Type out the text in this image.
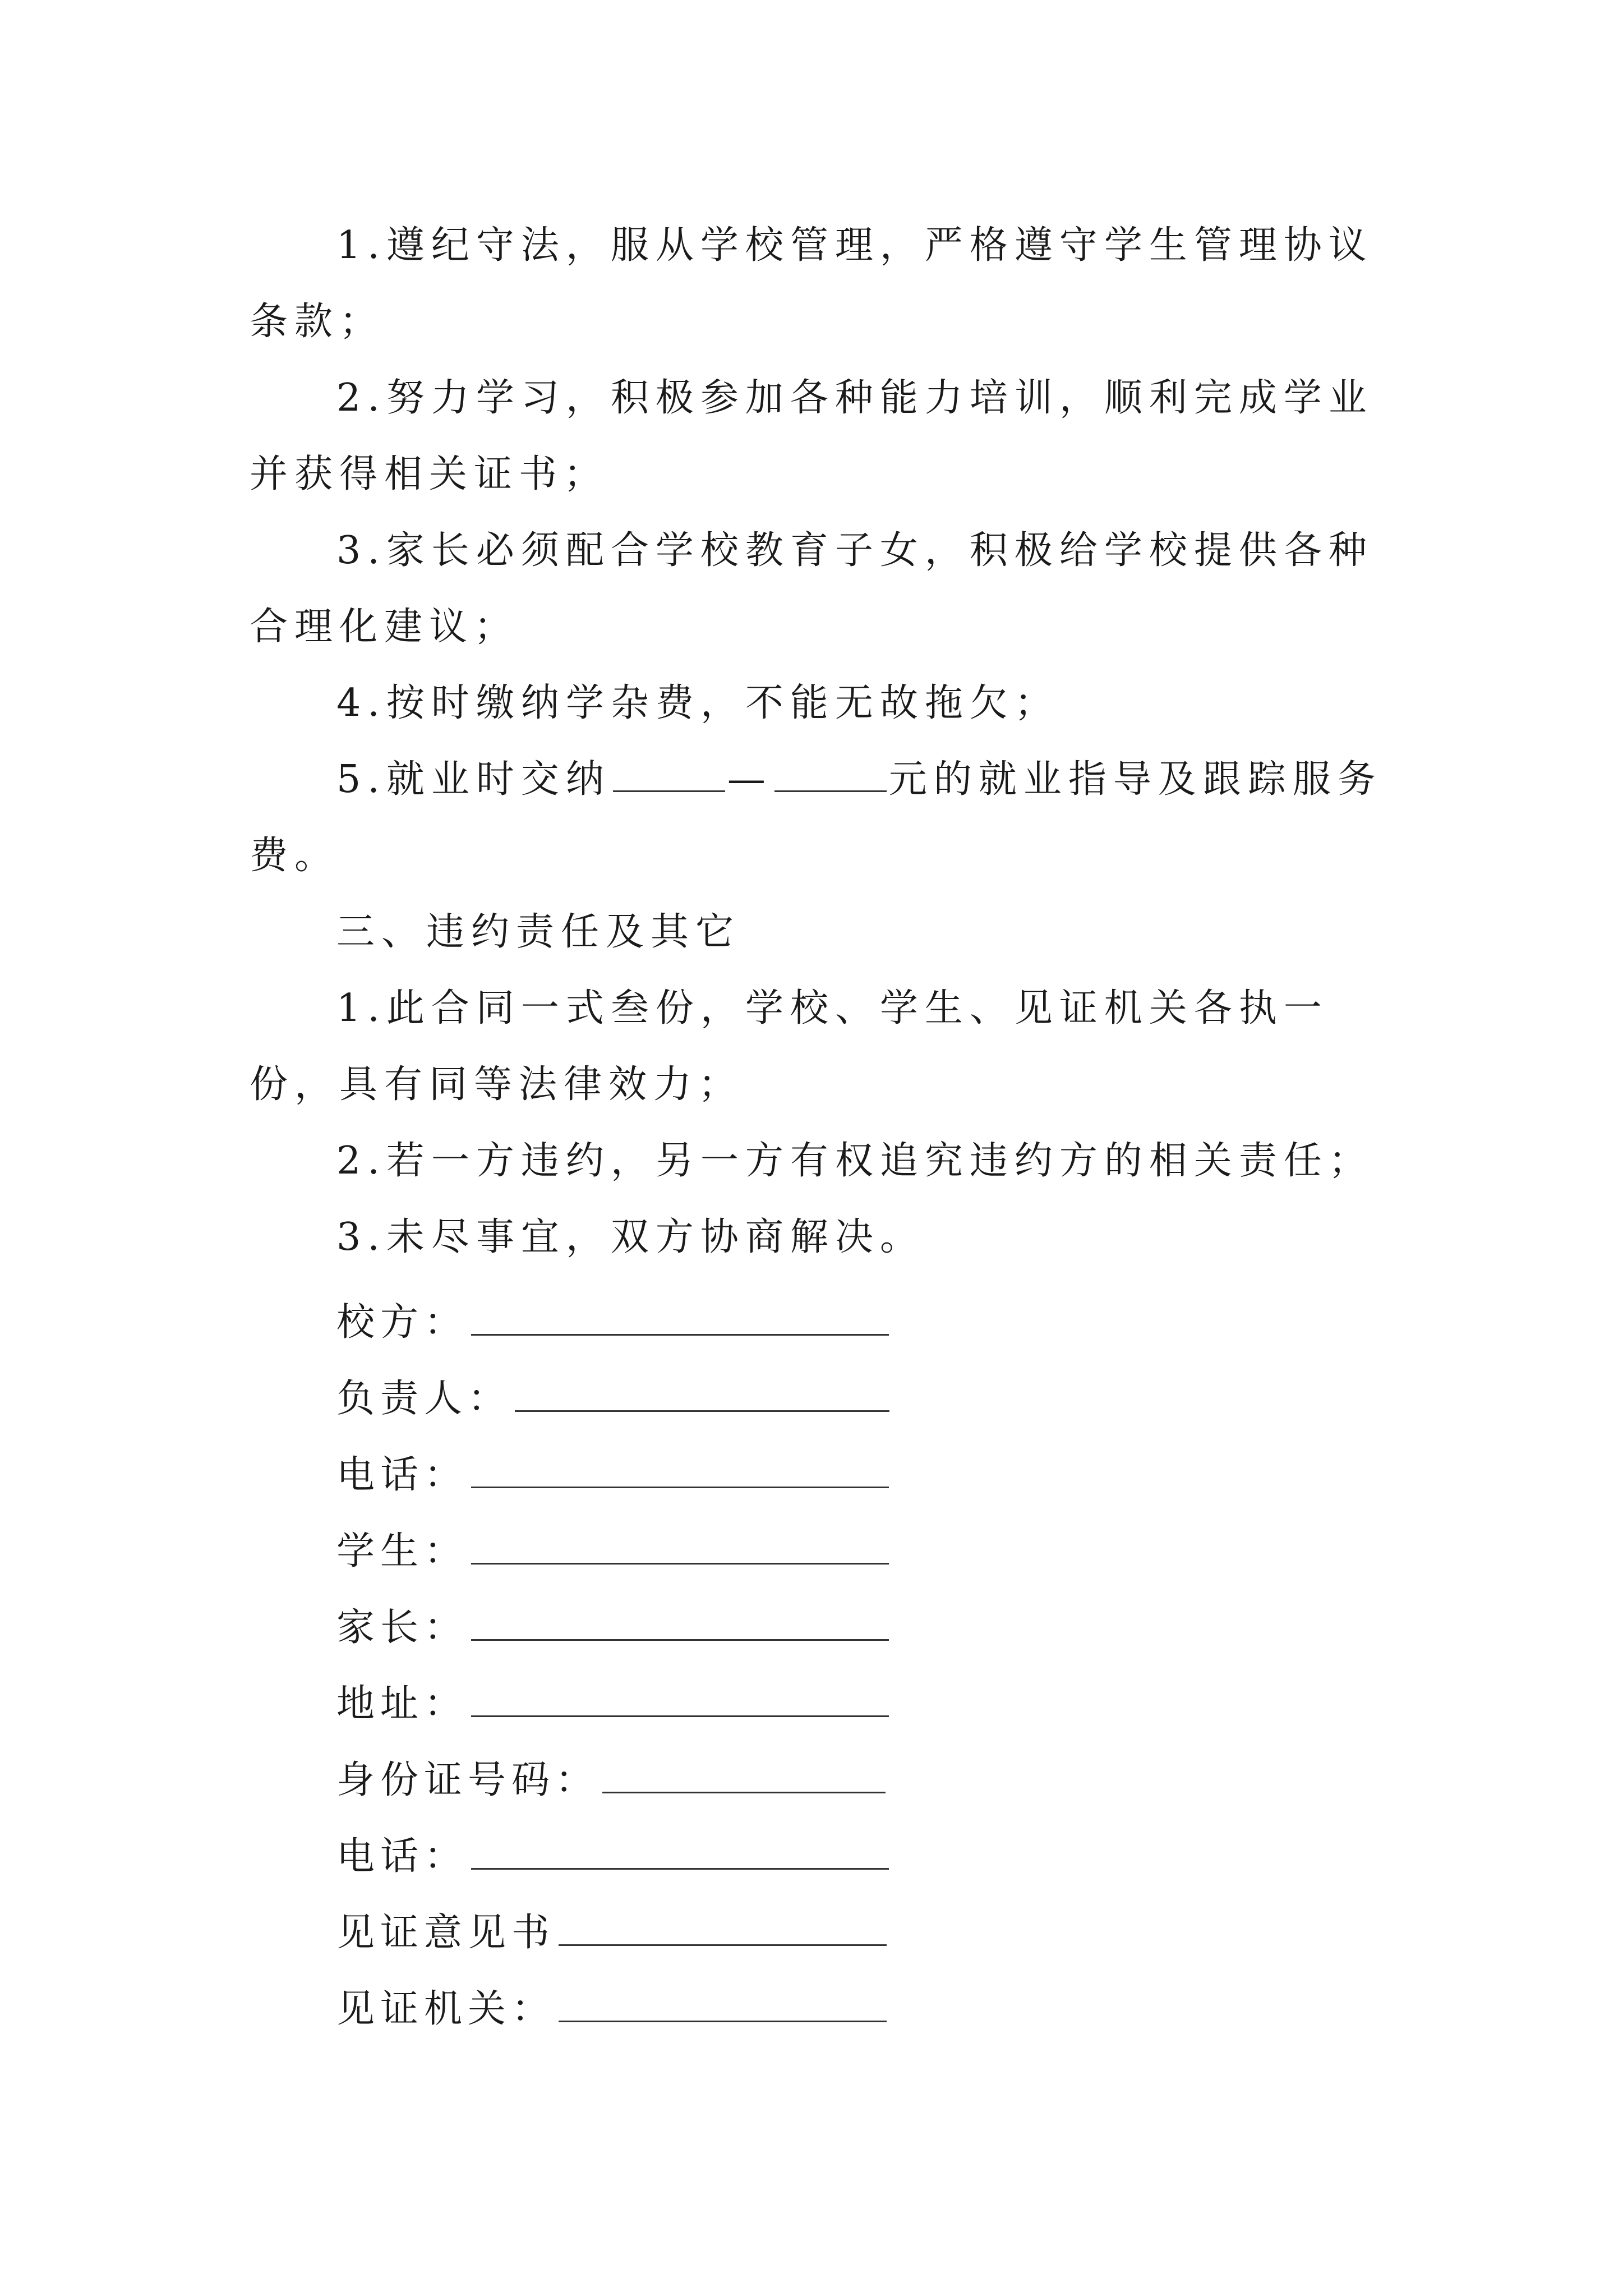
1.遵纪守法，服从学校管理，严格遵守学生管理协议条款；

2.努力学习，积极参加各种能力培训，顺利完成学业并获得相关证书；

3.家长必须配合学校教育子女，积极给学校提供各种合理化建议；

4.按时缴纳学杂费，不能无故拖欠；

5.就业时交纳	—	元的就业指导及跟踪服务费。

三、违约责任及其它

1.此合同一式叁份，学校、学生、见证机关各执一份，具有同等法律效力；

2.若一方违约，另一方有权追究违约方的相关责任；

3.未尽事宜，双方协商解决。

校方：
负责人：
电话：
学生：
家长：
地址：
身份证号码：
电话：
见证意见书
见证机关：
